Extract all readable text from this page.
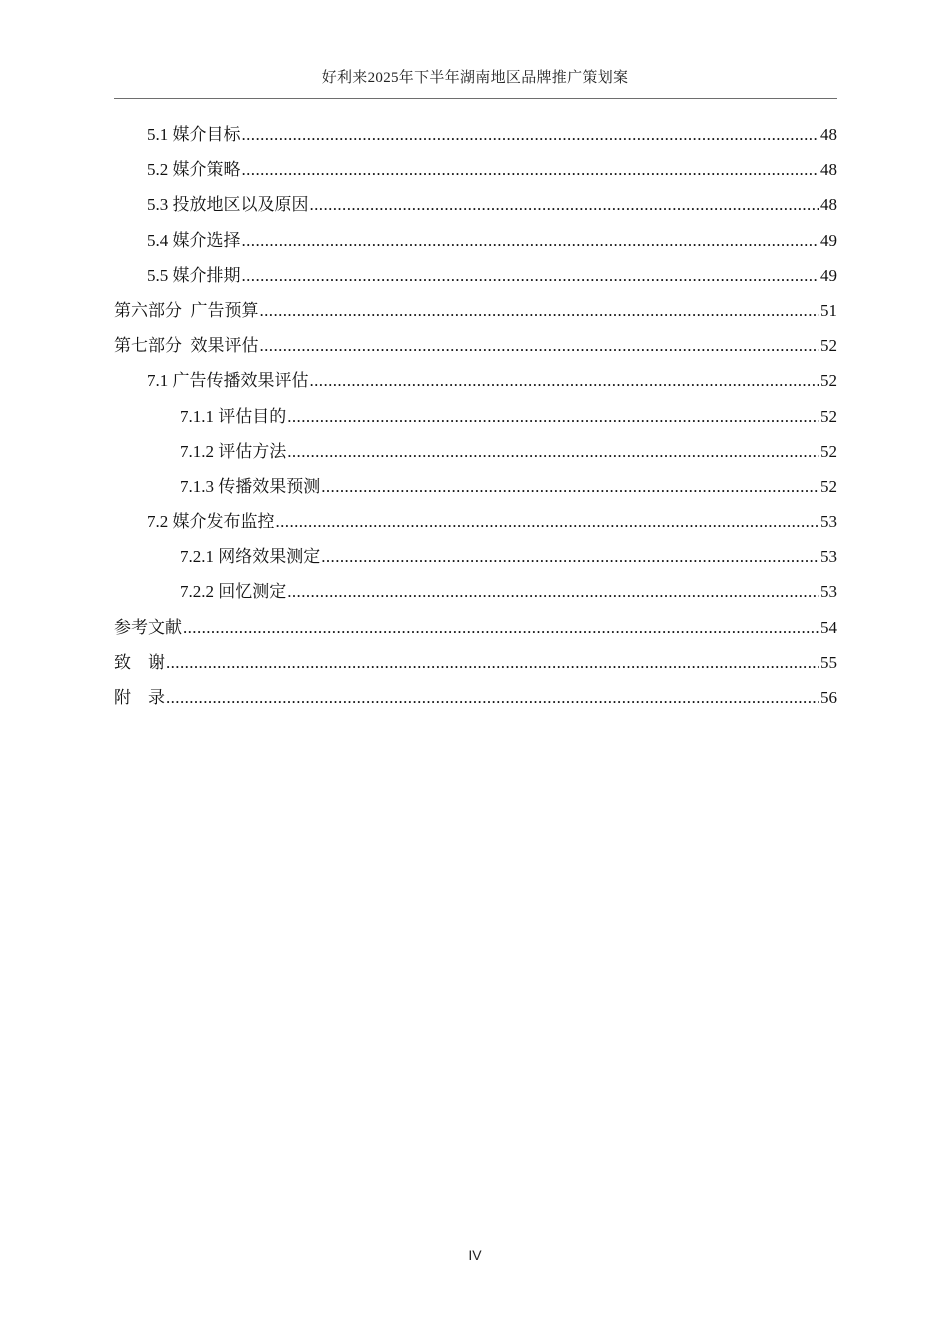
好利来2025年下半年湖南地区品牌推广策划案
5.1 媒介目标 .....	48
5.2 媒介策略 .....	48
5.3 投放地区以及原因 .....	48
5.4 媒介选择 .....	49
5.5 媒介排期 .....	49
第六部分  广告预算 .....	51
第七部分  效果评估 .....	52
7.1 广告传播效果评估 .....	52
7.1.1 评估目的 .....	52
7.1.2 评估方法 .....	52
7.1.3 传播效果预测 .....	52
7.2 媒介发布监控 .....	53
7.2.1 网络效果测定 .....	53
7.2.2 回忆测定 .....	53
参考文献 .....	54
致    谢 .....	55
附    录 .....	56
IV
